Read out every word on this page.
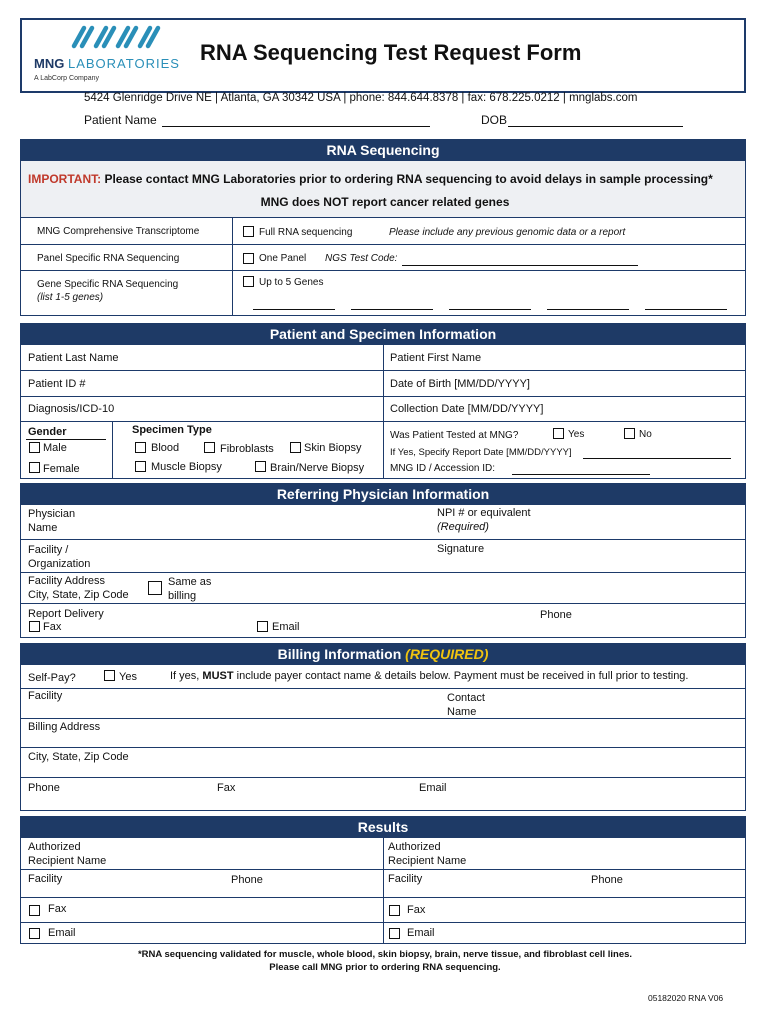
MNG LABORATORIES
A LabCorp Company
RNA Sequencing Test Request Form
5424 Glenridge Drive NE | Atlanta, GA 30342 USA | phone: 844.644.8378 | fax: 678.225.0212 | mnglabs.com
Patient Name	DOB
RNA Sequencing
IMPORTANT: Please contact MNG Laboratories prior to ordering RNA sequencing to avoid delays in sample processing*
MNG does NOT report cancer related genes
MNG Comprehensive Transcriptome	Full RNA sequencing	Please include any previous genomic data or a report
Panel Specific RNA Sequencing	One Panel NGS Test Code:
Gene Specific RNA Sequencing
(list 1-5 genes)
Up to 5 Genes
Patient and Specimen Information
Patient Last Name	Patient First Name
Patient ID #	Date of Birth [MM/DD/YYYY]
Diagnosis/ICD-10	Collection Date [MM/DD/YYYY]
Gender
Male
Female
Specimen Type
Blood	Fibroblasts	Skin Biopsy
Muscle Biopsy	Brain/Nerve Biopsy
Was Patient Tested at MNG?	Yes	No
If Yes, Specify Report Date [MM/DD/YYYY]
MNG ID / Accession ID:
Referring Physician Information
Physician
Name
NPI # or equivalent
(Required)
Facility /
Organization
Signature
Facility Address
City, State, Zip Code
Same as
billing
Report Delivery
Fax	Email
Phone
Billing Information (REQUIRED)
Self-Pay?	Yes	If yes, MUST include payer contact name & details below. Payment must be received in full prior to testing.
Facility	Contact
Name
Billing Address
City, State, Zip Code
Phone	Fax	Email
Results
Authorized
Recipient Name
Authorized
Recipient Name
Facility	Phone	Facility	Phone
Fax	Fax
Email	Email
*RNA sequencing validated for muscle, whole blood, skin biopsy, brain, nerve tissue, and fibroblast cell lines.
Please call MNG prior to ordering RNA sequencing.
05182020 RNA V06
